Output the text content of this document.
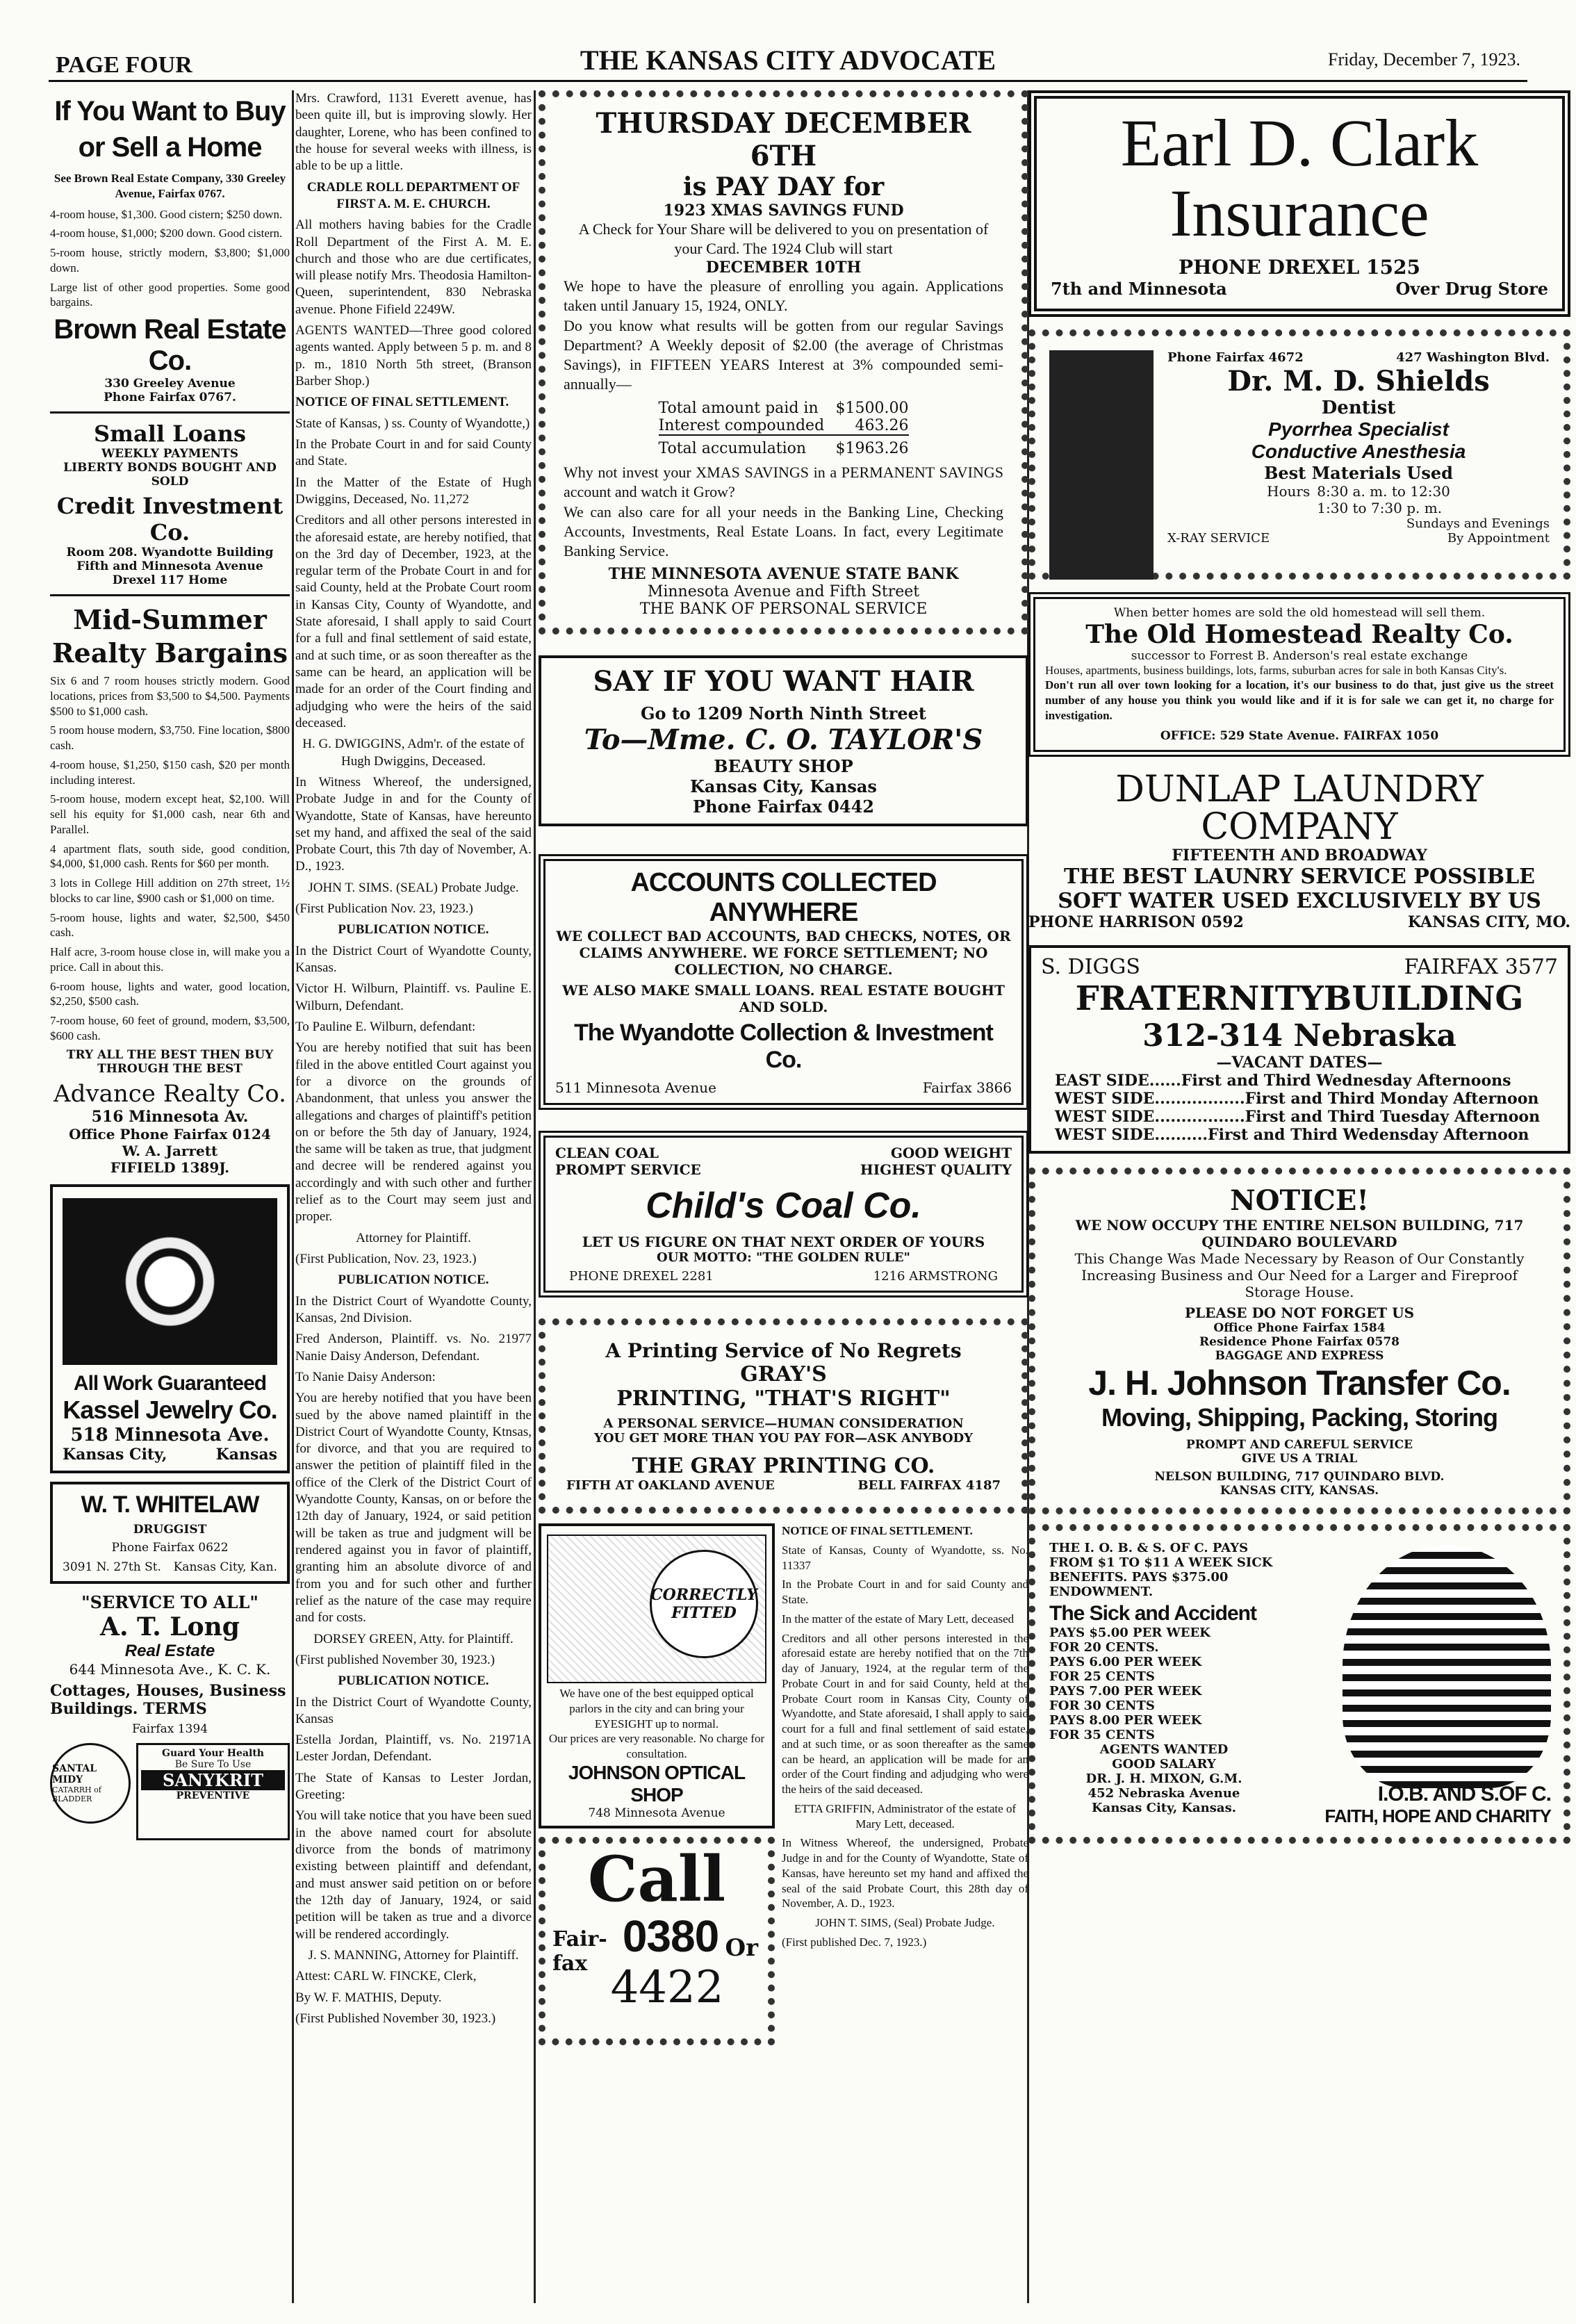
PAGE FOUR	THE KANSAS CITY ADVOCATE	Friday, December 7, 1923.
If You Want to Buy or Sell a Home
See Brown Real Estate Company, 330 Greeley Avenue, Fairfax 0767.

4-room house, $1,300. Good cistern; $250 down.

4-room house, $1,000; $200 down. Good cistern.

5-room house, strictly modern, $3,800; $1,000 down.

Large list of other good properties. Some good bargains.

Brown Real Estate Co.
330 Greeley Avenue
Phone Fairfax 0767.
Small Loans
WEEKLY PAYMENTS
LIBERTY BONDS BOUGHT AND SOLD
Credit Investment Co.
Room 208. Wyandotte Building
Fifth and Minnesota Avenue
Drexel 117 Home
Mid-Summer Realty Bargains

Six 6 and 7 room houses strictly modern. Good locations, prices from $3,500 to $4,500. Payments $500 to $1,000 cash.

5 room house modern, $3,750. Fine location, $800 cash.

4-room house, $1,250, $150 cash, $20 per month including interest.

5-room house, modern except heat, $2,100. Will sell his equity for $1,000 cash, near 6th and Parallel.

4 apartment flats, south side, good condition, $4,000, $1,000 cash. Rents for $60 per month.

3 lots in College Hill addition on 27th street, 1½ blocks to car line, $900 cash or $1,000 on time.

5-room house, lights and water, $2,500, $450 cash.

Half acre, 3-room house close in, will make you a price. Call in about this.

6-room house, lights and water, good location, $2,250, $500 cash.

7-room house, 60 feet of ground, modern, $3,500, $600 cash.

TRY ALL THE BEST THEN BUY THROUGH THE BEST
Advance Realty Co.
516 Minnesota Av.
Office Phone Fairfax 0124
W. A. Jarrett
FIFIELD 1389J.
All Work Guaranteed
Kassel Jewelry Co.
518 Minnesota Ave.
Kansas City,	Kansas
W. T. WHITELAW
DRUGGIST
Phone Fairfax 0622
3091 N. 27th St. Kansas City, Kan.
"SERVICE TO ALL"
A. T. Long
Real Estate
644 Minnesota Ave., K. C. K.
Cottages, Houses, Business Buildings. TERMS
Fairfax 1394
SANTAL MIDY
CATARRH of BLADDER
Guard Your Health
Be Sure To Use
SANYKRIT
PREVENTIVE

Mrs. Crawford, 1131 Everett avenue, has been quite ill, but is improving slowly. Her daughter, Lorene, who has been confined to the house for several weeks with illness, is able to be up a little.

CRADLE ROLL DEPARTMENT OF FIRST A. M. E. CHURCH.

All mothers having babies for the Cradle Roll Department of the First A. M. E. church and those who are due certificates, will please notify Mrs. Theodosia Hamilton-Queen, superintendent, 830 Nebraska avenue. Phone Fifield 2249W.

AGENTS WANTED—Three good colored agents wanted. Apply between 5 p. m. and 8 p. m., 1810 North 5th street, (Branson Barber Shop.)

NOTICE OF FINAL SETTLEMENT.

State of Kansas, ) ss. County of Wyandotte,)

In the Probate Court in and for said County and State.

In the Matter of the Estate of Hugh Dwiggins, Deceased, No. 11,272

Creditors and all other persons interested in the aforesaid estate, are hereby notified, that on the 3rd day of December, 1923, at the regular term of the Probate Court in and for said County, held at the Probate Court room in Kansas City, County of Wyandotte, and State aforesaid, I shall apply to said Court for a full and final settlement of said estate, and at such time, or as soon thereafter as the same can be heard, an application will be made for an order of the Court finding and adjudging who were the heirs of the said deceased.

H. G. DWIGGINS, Adm'r. of the estate of Hugh Dwiggins, Deceased.

In Witness Whereof, the undersigned, Probate Judge in and for the County of Wyandotte, State of Kansas, have hereunto set my hand, and affixed the seal of the said Probate Court, this 7th day of November, A. D., 1923.

JOHN T. SIMS. (SEAL) Probate Judge.

(First Publication Nov. 23, 1923.)

PUBLICATION NOTICE.

In the District Court of Wyandotte County, Kansas.

Victor H. Wilburn, Plaintiff. vs. Pauline E. Wilburn, Defendant.

To Pauline E. Wilburn, defendant:

You are hereby notified that suit has been filed in the above entitled Court against you for a divorce on the grounds of Abandonment, that unless you answer the allegations and charges of plaintiff's petition on or before the 5th day of January, 1924, the same will be taken as true, that judgment and decree will be rendered against you accordingly and with such other and further relief as to the Court may seem just and proper.

Attorney for Plaintiff.

(First Publication, Nov. 23, 1923.)

PUBLICATION NOTICE.

In the District Court of Wyandotte County, Kansas, 2nd Division.

Fred Anderson, Plaintiff. vs. No. 21977 Nanie Daisy Anderson, Defendant.

To Nanie Daisy Anderson:

You are hereby notified that you have been sued by the above named plaintiff in the District Court of Wyandotte County, Ktnsas, for divorce, and that you are required to answer the petition of plaintiff filed in the office of the Clerk of the District Court of Wyandotte County, Kansas, on or before the 12th day of January, 1924, or said petition will be taken as true and judgment will be rendered against you in favor of plaintiff, granting him an absolute divorce of and from you and for such other and further relief as the nature of the case may require and for costs.

DORSEY GREEN, Atty. for Plaintiff.

(First published November 30, 1923.)

PUBLICATION NOTICE.

In the District Court of Wyandotte County, Kansas

Estella Jordan, Plaintiff, vs. No. 21971A Lester Jordan, Defendant.

The State of Kansas to Lester Jordan, Greeting:

You will take notice that you have been sued in the above named court for absolute divorce from the bonds of matrimony existing between plaintiff and defendant, and must answer said petition on or before the 12th day of January, 1924, or said petition will be taken as true and a divorce will be rendered accordingly.

J. S. MANNING, Attorney for Plaintiff.

Attest: CARL W. FINCKE, Clerk,

By W. F. MATHIS, Deputy.

(First Published November 30, 1923.)

THURSDAY DECEMBER 6TH
is PAY DAY for
1923 XMAS SAVINGS FUND
A Check for Your Share will be delivered to you on presentation of your Card. The 1924 Club will start
DECEMBER 10TH
We hope to have the pleasure of enrolling you again. Applications taken until January 15, 1924, ONLY.
Do you know what results will be gotten from our regular Savings Department? A Weekly deposit of $2.00 (the average of Christmas Savings), in FIFTEEN YEARS Interest at 3% compounded semi-annually—
Total amount paid in $1500.00
Interest compounded 463.26
Total accumulation $1963.26
Why not invest your XMAS SAVINGS in a PERMANENT SAVINGS account and watch it Grow?
We can also care for all your needs in the Banking Line, Checking Accounts, Investments, Real Estate Loans. In fact, every Legitimate Banking Service.
THE MINNESOTA AVENUE STATE BANK
Minnesota Avenue and Fifth Street
THE BANK OF PERSONAL SERVICE
SAY IF YOU WANT HAIR
Go to 1209 North Ninth Street
To—Mme. C. O. TAYLOR'S
BEAUTY SHOP
Kansas City, Kansas
Phone Fairfax 0442
ACCOUNTS COLLECTED ANYWHERE
WE COLLECT BAD ACCOUNTS, BAD CHECKS, NOTES, OR CLAIMS ANYWHERE. WE FORCE SETTLEMENT; NO COLLECTION, NO CHARGE.
WE ALSO MAKE SMALL LOANS. REAL ESTATE BOUGHT AND SOLD.
The Wyandotte Collection & Investment Co.
511 Minnesota Avenue	Fairfax 3866
CLEAN COAL	GOOD WEIGHT
PROMPT SERVICE	HIGHEST QUALITY
Child's Coal Co.
LET US FIGURE ON THAT NEXT ORDER OF YOURS
OUR MOTTO: "THE GOLDEN RULE"
PHONE DREXEL 2281	1216 ARMSTRONG
A Printing Service of No Regrets
GRAY'S
PRINTING, "THAT'S RIGHT"
A PERSONAL SERVICE—HUMAN CONSIDERATION
YOU GET MORE THAN YOU PAY FOR—ASK ANYBODY
THE GRAY PRINTING CO.
FIFTH AT OAKLAND AVENUE	BELL FAIRFAX 4187
CORRECTLY FITTED
We have one of the best equipped optical parlors in the city and can bring your EYESIGHT up to normal.
Our prices are very reasonable. No charge for consultation.
JOHNSON OPTICAL SHOP
748 Minnesota Avenue
Call
Fair-fax
0380 Or
4422

NOTICE OF FINAL SETTLEMENT.

State of Kansas, County of Wyandotte, ss. No. 11337

In the Probate Court in and for said County and State.

In the matter of the estate of Mary Lett, deceased

Creditors and all other persons interested in the aforesaid estate are hereby notified that on the 7th day of January, 1924, at the regular term of the Probate Court in and for said County, held at the Probate Court room in Kansas City, County of Wyandotte, and State aforesaid, I shall apply to said court for a full and final settlement of said estate, and at such time, or as soon thereafter as the same can be heard, an application will be made for an order of the Court finding and adjudging who were the heirs of the said deceased.

ETTA GRIFFIN, Administrator of the estate of Mary Lett, deceased.

In Witness Whereof, the undersigned, Probate Judge in and for the County of Wyandotte, State of Kansas, have hereunto set my hand and affixed the seal of the said Probate Court, this 28th day of November, A. D., 1923.

JOHN T. SIMS, (Seal) Probate Judge.

(First published Dec. 7, 1923.)

Earl D. Clark
Insurance
PHONE DREXEL 1525
7th and Minnesota	Over Drug Store
Phone Fairfax 4672	427 Washington Blvd.
Dr. M. D. Shields
Dentist
Pyorrhea Specialist
Conductive Anesthesia
Best Materials Used
Hours 8:30 a. m. to 12:30
1:30 to 7:30 p. m.
Sundays and Evenings
X-RAY SERVICE	By Appointment
When better homes are sold the old homestead will sell them.
The Old Homestead Realty Co.
successor to Forrest B. Anderson's real estate exchange
Houses, apartments, business buildings, lots, farms, suburban acres for sale in both Kansas City's.
Don't run all over town looking for a location, it's our business to do that, just give us the street number of any house you think you would like and if it is for sale we can get it, no charge for investigation.
OFFICE: 529 State Avenue. FAIRFAX 1050
DUNLAP LAUNDRY
COMPANY
FIFTEENTH AND BROADWAY
THE BEST LAUNRY SERVICE POSSIBLE
SOFT WATER USED EXCLUSIVELY BY US
PHONE HARRISON 0592	KANSAS CITY, MO.
S. DIGGS	FAIRFAX 3577
FRATERNITYBUILDING
312-314 Nebraska
—VACANT DATES—
EAST SIDE......First and Third Wednesday Afternoons
WEST SIDE.................First and Third Monday Afternoon
WEST SIDE.................First and Third Tuesday Afternoon
WEST SIDE..........First and Third Wedensday Afternoon
NOTICE!
WE NOW OCCUPY THE ENTIRE NELSON BUILDING, 717 QUINDARO BOULEVARD
This Change Was Made Necessary by Reason of Our Constantly Increasing Business and Our Need for a Larger and Fireproof Storage House.
PLEASE DO NOT FORGET US
Office Phone Fairfax 1584
Residence Phone Fairfax 0578
BAGGAGE AND EXPRESS
J. H. Johnson Transfer Co.
Moving, Shipping, Packing, Storing
PROMPT AND CAREFUL SERVICE
GIVE US A TRIAL
NELSON BUILDING, 717 QUINDARO BLVD.
KANSAS CITY, KANSAS.
THE I. O. B. & S. OF C. PAYS FROM $1 TO $11 A WEEK SICK BENEFITS. PAYS $375.00 ENDOWMENT.
The Sick and Accident
PAYS $5.00 PER WEEK
FOR 20 CENTS.
PAYS 6.00 PER WEEK
FOR 25 CENTS
PAYS 7.00 PER WEEK
FOR 30 CENTS
PAYS 8.00 PER WEEK
FOR 35 CENTS
AGENTS WANTED
GOOD SALARY
DR. J. H. MIXON, G.M.
452 Nebraska Avenue
Kansas City, Kansas.
I.O.B. AND S.OF C.
FAITH, HOPE AND CHARITY
